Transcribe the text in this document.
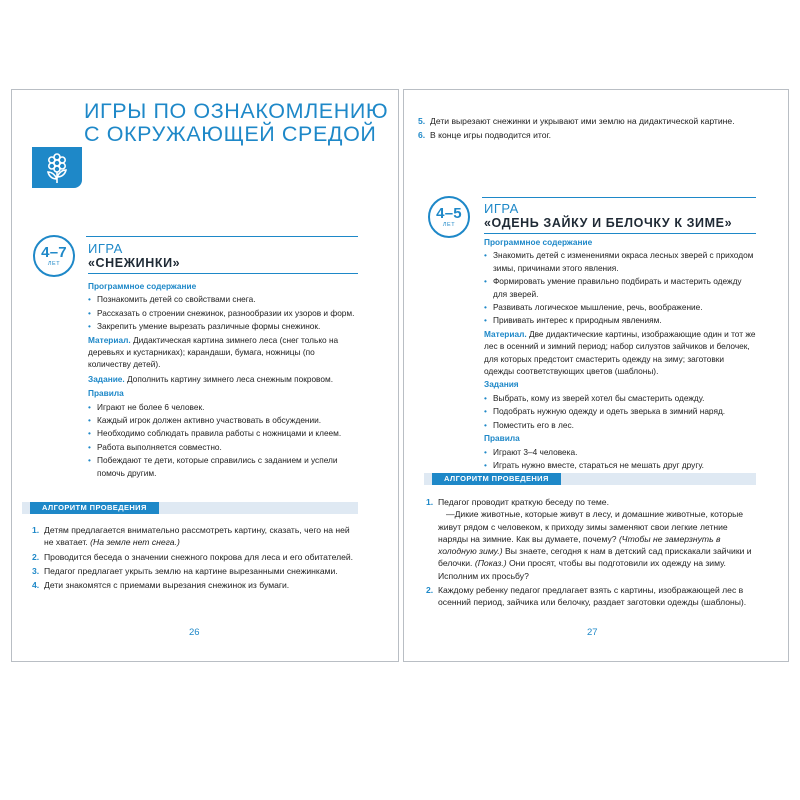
ИГРЫ ПО ОЗНАКОМЛЕНИЮ
С ОКРУЖАЮЩЕЙ СРЕДОЙ
4–7
ЛЕТ
ИГРА
«СНЕЖИНКИ»
Программное содержание
• Познакомить детей со свойствами снега.
• Рассказать о строении снежинок, разнообразии их узоров и форм.
• Закрепить умение вырезать различные формы снежинок.
Материал. Дидактическая картина зимнего леса (снег только на деревьях и кустарниках); карандаши, бумага, ножницы (по количеству детей).
Задание. Дополнить картину зимнего леса снежным покровом.
Правила
• Играют не более 6 человек.
• Каждый игрок должен активно участвовать в обсуждении.
• Необходимо соблюдать правила работы с ножницами и клеем.
• Работа выполняется совместно.
• Побеждают те дети, которые справились с заданием и успели помочь другим.
АЛГОРИТМ ПРОВЕДЕНИЯ
1. Детям предлагается внимательно рассмотреть картину, сказать, чего на ней не хватает. (На земле нет снега.)
2. Проводится беседа о значении снежного покрова для леса и его обитателей.
3. Педагог предлагает укрыть землю на картине вырезанными снежинками.
4. Дети знакомятся с приемами вырезания снежинок из бумаги.
26
5. Дети вырезают снежинки и укрывают ими землю на дидактической картине.
6. В конце игры подводится итог.
4–5
ЛЕТ
ИГРА
«ОДЕНЬ ЗАЙКУ И БЕЛОЧКУ К ЗИМЕ»
Программное содержание
• Знакомить детей с изменениями окраса лесных зверей с приходом зимы, причинами этого явления.
• Формировать умение правильно подбирать и мастерить одежду для зверей.
• Развивать логическое мышление, речь, воображение.
• Прививать интерес к природным явлениям.
Материал. Две дидактические картины, изображающие один и тот же лес в осенний и зимний период; набор силуэтов зайчиков и белочек, для которых предстоит смастерить одежду на зиму; заготовки одежды соответствующих цветов (шаблоны).
Задания
• Выбрать, кому из зверей хотел бы смастерить одежду.
• Подобрать нужную одежду и одеть зверька в зимний наряд.
• Поместить его в лес.
Правила
• Играют 3–4 человека.
• Играть нужно вместе, стараться не мешать друг другу.
АЛГОРИТМ ПРОВЕДЕНИЯ
1. Педагог проводит краткую беседу по теме.
—Дикие животные, которые живут в лесу, и домашние животные, которые живут рядом с человеком, к приходу зимы заменяют свои легкие летние наряды на зимние. Как вы думаете, почему? (Чтобы не замерзнуть в холодную зиму.) Вы знаете, сегодня к нам в детский сад прискакали зайчики и белочки. (Показ.) Они просят, чтобы вы подготовили их одежду на зиму. Исполним их просьбу?
2. Каждому ребенку педагог предлагает взять с картины, изображающей лес в осенний период, зайчика или белочку, раздает заготовки одежды (шаблоны).
27
